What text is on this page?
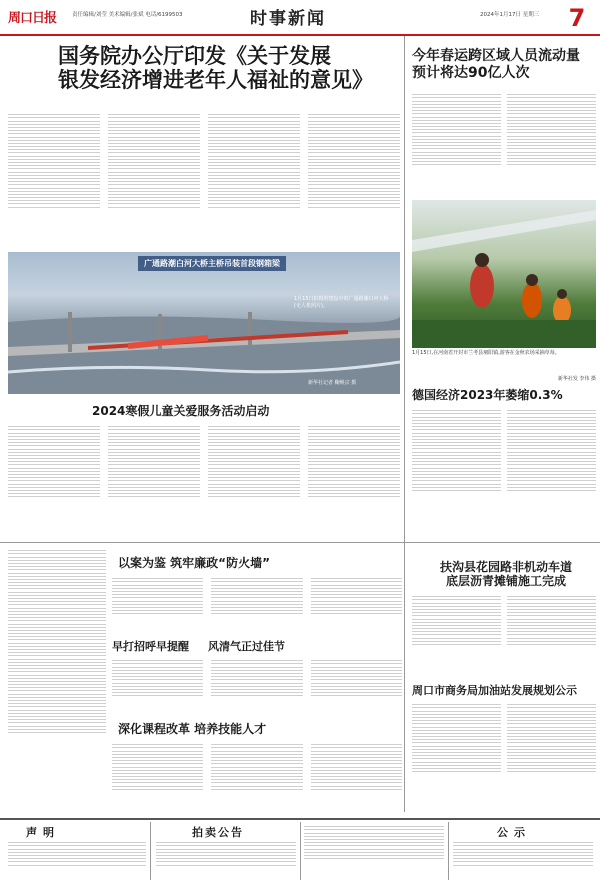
周口日报	责任编辑/刘莹 美术编辑/张斌 电话/6199503	时事新闻	2024年1月17日 星期三 7
国务院办公厅印发《关于发展
银发经济增进老年人福祉的意见》
广通路潮白河大桥主桥吊装首段钢箱梁
1月15日拍摄的建设中的广通路潮白河大桥(无人机照片)。
新华社记者 鞠焕宗 摄
今年春运跨区域人员流动量
预计将达90亿人次
1月15日,在河南省开封市兰考县堌阳镇,游客在金秋农场采摘草莓。
新华社发 李伟 摄
德国经济2023年萎缩0.3%
2024寒假儿童关爱服务活动启动
以案为鉴 筑牢廉政“防火墙”
早打招呼早提醒	风清气正过佳节
深化课程改革 培养技能人才
扶沟县花园路非机动车道
底层沥青摊铺施工完成
周口市商务局加油站发展规划公示
声明	拍卖公告	公示
